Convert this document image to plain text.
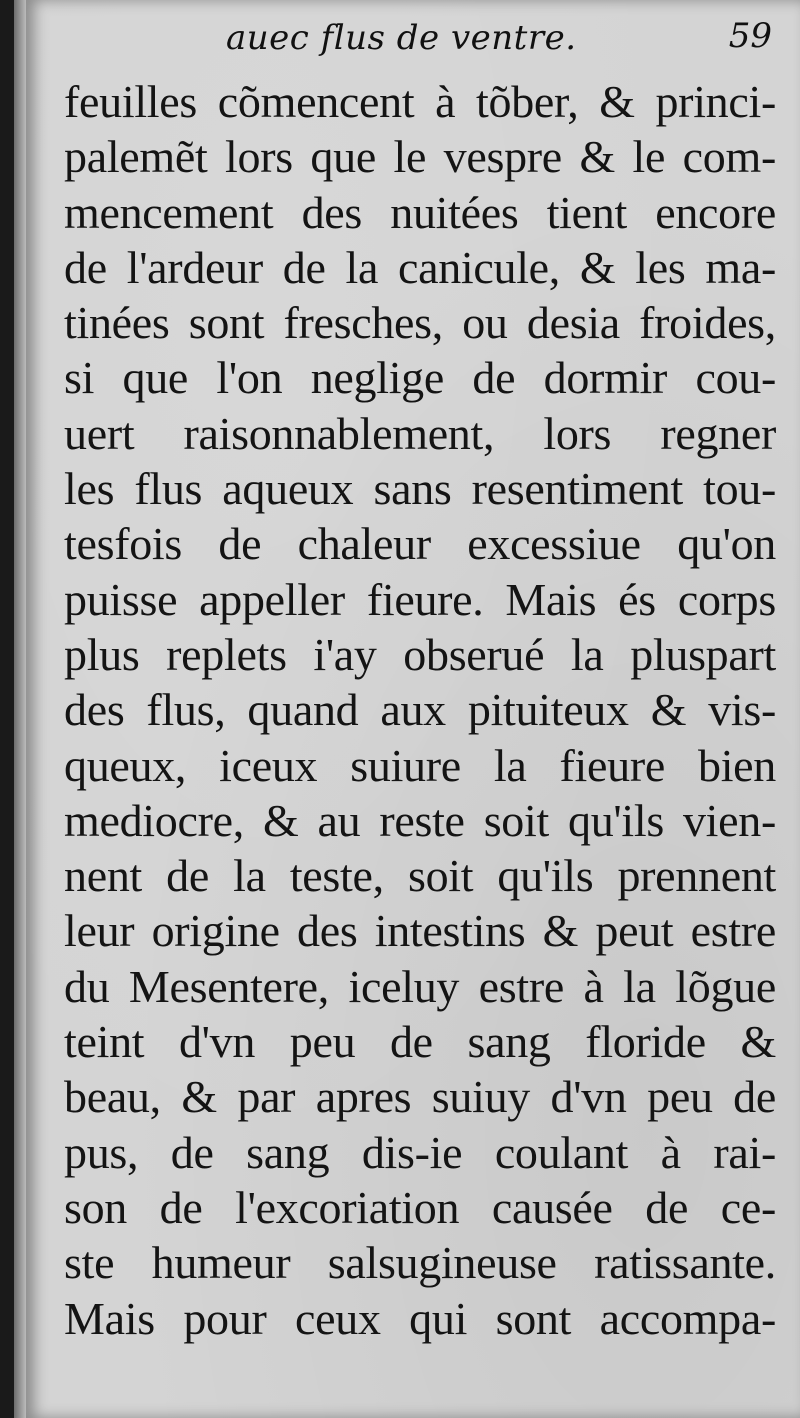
auec flus de ventre.	59
feuilles cõmencent à tõber, & princi-
palemẽt lors que le vespre & le com-
mencement des nuitées tient encore
de l'ardeur de la canicule, & les ma-
tinées sont fresches, ou desia froides,
si que l'on neglige de dormir cou-
uert raisonnablement, lors regner
les flus aqueux sans resentiment tou-
tesfois de chaleur excessiue qu'on
puisse appeller fieure. Mais és corps
plus replets i'ay obserué la pluspart
des flus, quand aux pituiteux & vis-
queux, iceux suiure la fieure bien
mediocre, & au reste soit qu'ils vien-
nent de la teste, soit qu'ils prennent
leur origine des intestins & peut estre
du Mesentere, iceluy estre à la lõgue
teint d'vn peu de sang floride &
beau, & par apres suiuy d'vn peu de
pus, de sang dis-ie coulant à rai-
son de l'excoriation causée de ce-
ste humeur salsugineuse ratissante.
Mais pour ceux qui sont accompa-
